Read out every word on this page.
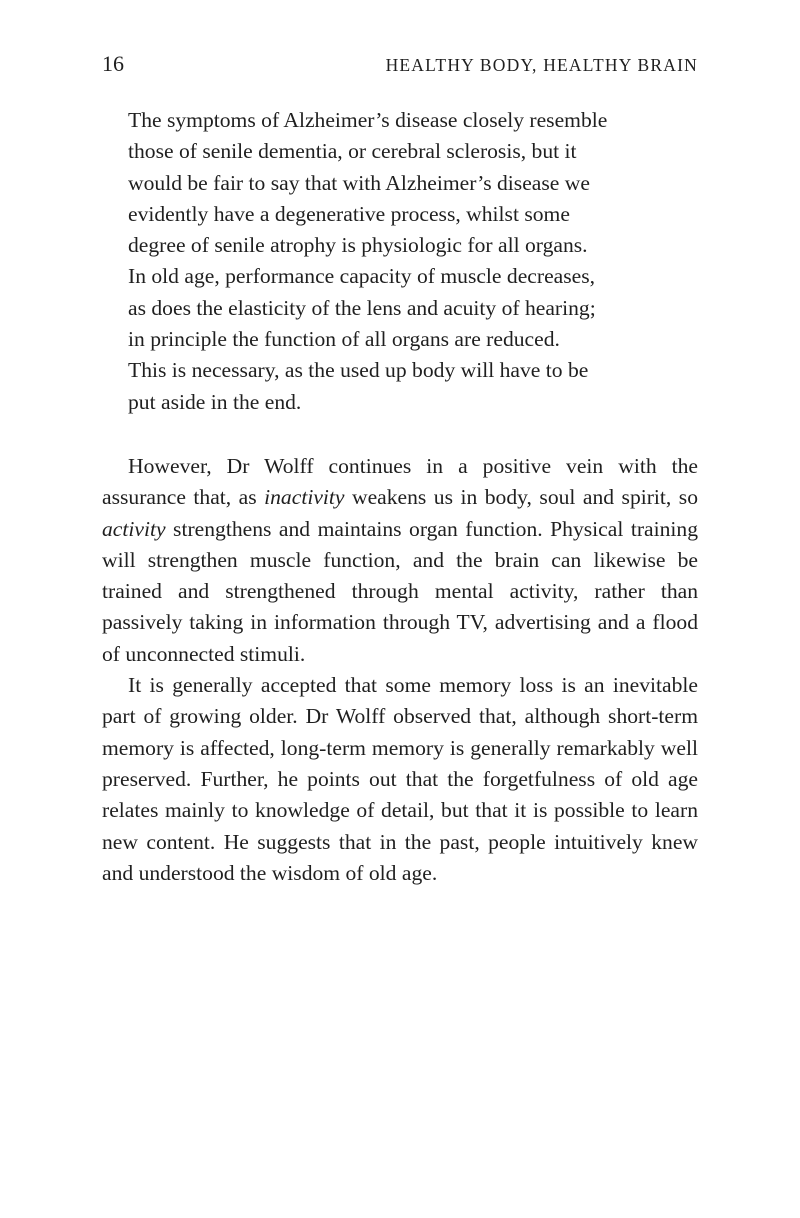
16	HEALTHY BODY, HEALTHY BRAIN
The symptoms of Alzheimer’s disease closely resemble
those of senile dementia, or cerebral sclerosis, but it
would be fair to say that with Alzheimer’s disease we
evidently have a degenerative process, whilst some
degree of senile atrophy is physiologic for all organs.
In old age, performance capacity of muscle decreases,
as does the elasticity of the lens and acuity of hearing;
in principle the function of all organs are reduced.
This is necessary, as the used up body will have to be
put aside in the end.

However, Dr Wolff continues in a positive vein with the assurance that, as inactivity weakens us in body, soul and spirit, so activity strengthens and maintains organ function. Physical training will strengthen muscle function, and the brain can likewise be trained and strengthened through mental activity, rather than passively taking in information through TV, advertising and a flood of unconnected stimuli.

It is generally accepted that some memory loss is an inevitable part of growing older. Dr Wolff observed that, although short-term memory is affected, long-term memory is generally remarkably well preserved. Further, he points out that the forgetfulness of old age relates mainly to knowledge of detail, but that it is possible to learn new content. He suggests that in the past, people intuitively knew and understood the wisdom of old age.
